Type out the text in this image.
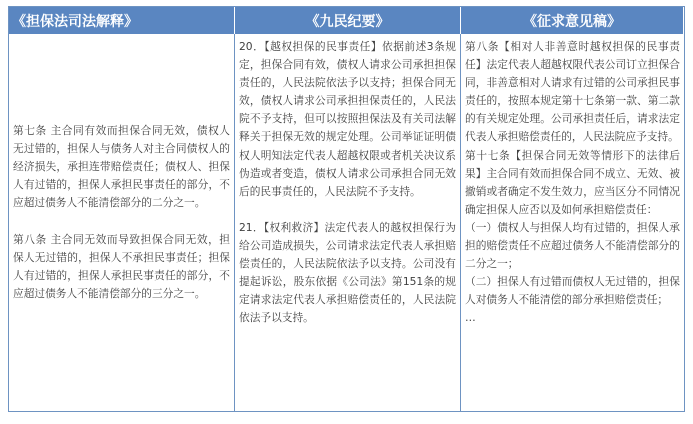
《担保法司法解释》	《九民纪要》	《征求意见稿》

第七条 主合同有效而担保合同无效，债权人无过错的，担保人与债务人对主合同债权人的经济损失，承担连带赔偿责任；债权人、担保人有过错的，担保人承担民事责任的部分，不应超过债务人不能清偿部分的二分之一。

第八条 主合同无效而导致担保合同无效，担保人无过错的，担保人不承担民事责任；担保人有过错的，担保人承担民事责任的部分，不应超过债务人不能清偿部分的三分之一。

20．【越权担保的民事责任】依据前述3条规定，担保合同有效，债权人请求公司承担担保责任的，人民法院依法予以支持；担保合同无效，债权人请求公司承担担保责任的，人民法院不予支持，但可以按照担保法及有关司法解释关于担保无效的规定处理。公司举证证明债权人明知法定代表人超越权限或者机关决议系伪造或者变造，债权人请求公司承担合同无效后的民事责任的，人民法院不予支持。

21．【权利救济】法定代表人的越权担保行为给公司造成损失，公司请求法定代表人承担赔偿责任的，人民法院依法予以支持。公司没有提起诉讼，股东依据《公司法》第151条的规定请求法定代表人承担赔偿责任的，人民法院依法予以支持。

第八条【相对人非善意时越权担保的民事责任】法定代表人超越权限代表公司订立担保合同，非善意相对人请求有过错的公司承担民事责任的，按照本规定第十七条第一款、第二款的有关规定处理。公司承担责任后，请求法定代表人承担赔偿责任的，人民法院应予支持。

第十七条【担保合同无效等情形下的法律后果】主合同有效而担保合同不成立、无效、被撤销或者确定不发生效力，应当区分不同情况确定担保人应否以及如何承担赔偿责任：

（一）债权人与担保人均有过错的，担保人承担的赔偿责任不应超过债务人不能清偿部分的二分之一；

（二）担保人有过错而债权人无过错的，担保人对债务人不能清偿的部分承担赔偿责任；

…
